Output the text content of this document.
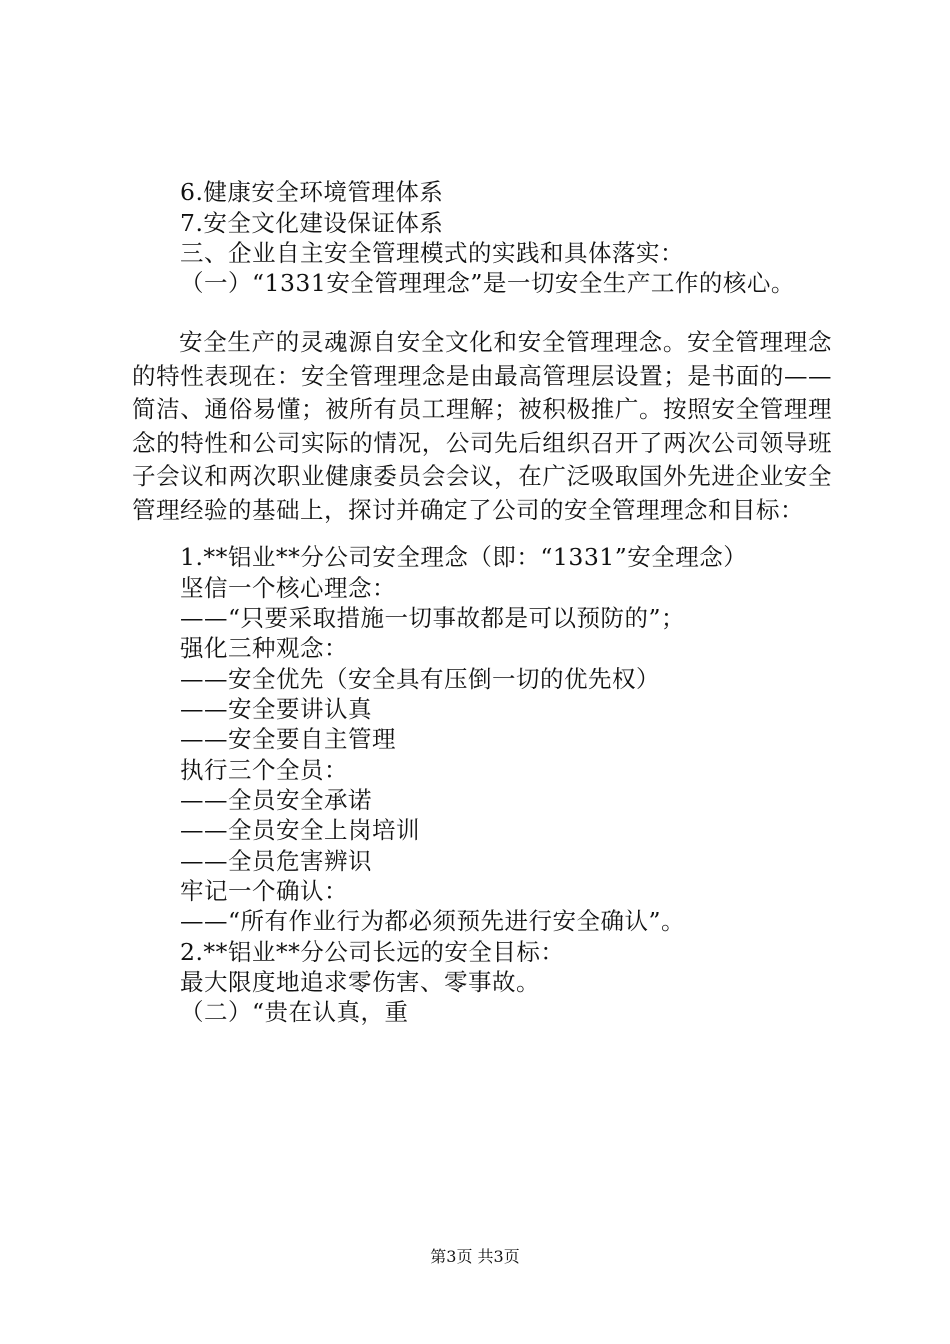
6.健康安全环境管理体系
7.安全文化建设保证体系
三、企业自主安全管理模式的实践和具体落实：
（一）“1331安全管理理念”是一切安全生产工作的核心。
安全生产的灵魂源自安全文化和安全管理理念。安全管理理念的特性表现在：安全管理理念是由最高管理层设置；是书面的——简洁、通俗易懂；被所有员工理解；被积极推广。按照安全管理理念的特性和公司实际的情况，公司先后组织召开了两次公司领导班子会议和两次职业健康委员会会议，在广泛吸取国外先进企业安全管理经验的基础上，探讨并确定了公司的安全管理理念和目标：
1.**铝业**分公司安全理念（即：“1331”安全理念）
坚信一个核心理念：
——“只要采取措施一切事故都是可以预防的”；
强化三种观念：
——安全优先（安全具有压倒一切的优先权）
——安全要讲认真
——安全要自主管理
执行三个全员：
——全员安全承诺
——全员安全上岗培训
——全员危害辨识
牢记一个确认：
——“所有作业行为都必须预先进行安全确认”。
2.**铝业**分公司长远的安全目标：
最大限度地追求零伤害、零事故。
（二）“贵在认真，重
第3页 共3页
